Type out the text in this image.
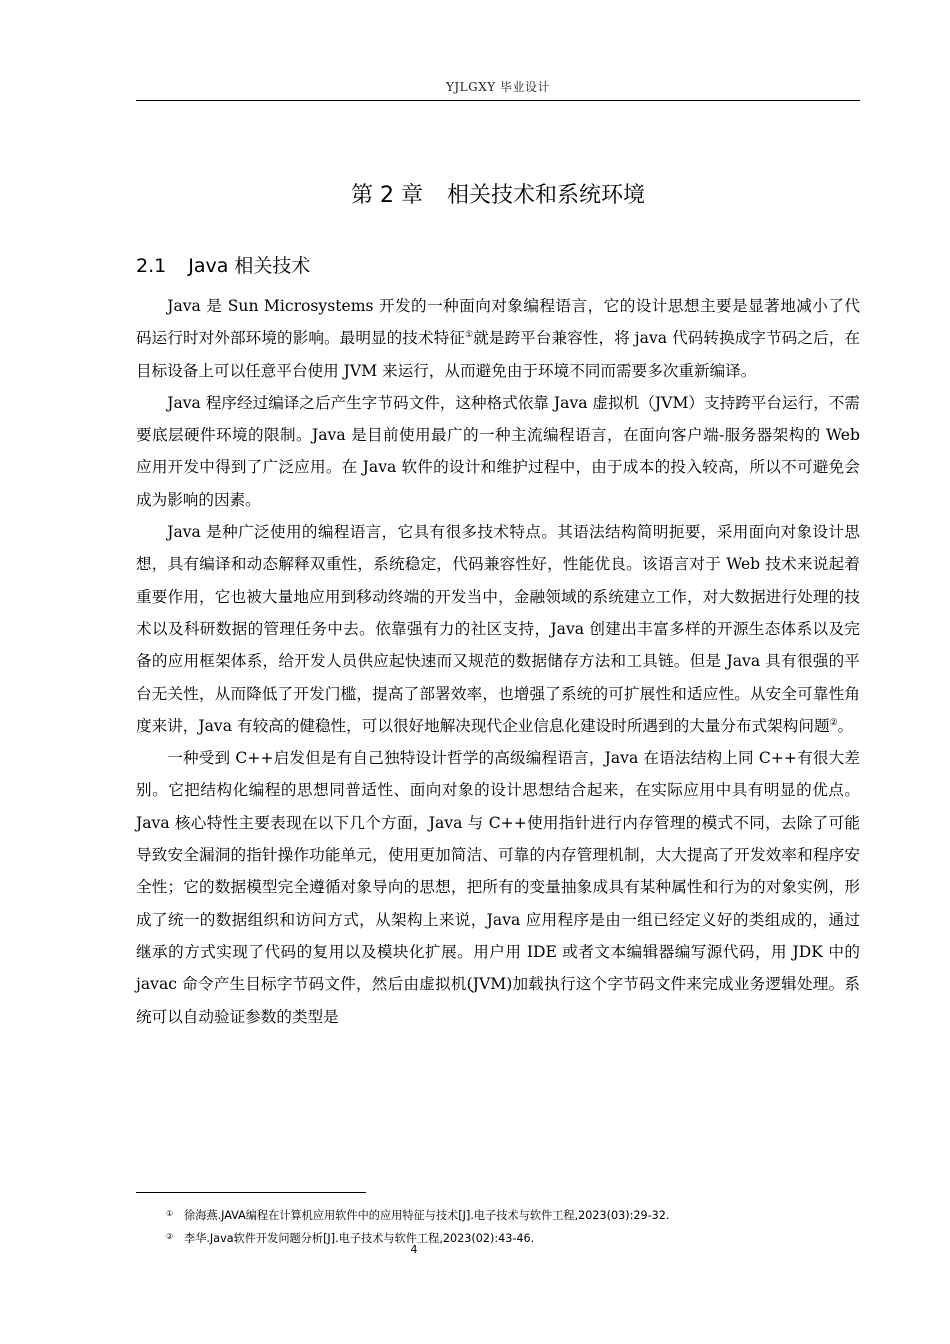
YJLGXY 毕业设计
第 2 章 相关技术和系统环境
2.1 Java 相关技术

Java 是 Sun Microsystems 开发的一种面向对象编程语言，它的设计思想主要是显著地减小了代码运行时对外部环境的影响。最明显的技术特征①就是跨平台兼容性，将 java 代码转换成字节码之后，在目标设备上可以任意平台使用 JVM 来运行，从而避免由于环境不同而需要多次重新编译。

Java 程序经过编译之后产生字节码文件，这种格式依靠 Java 虚拟机（JVM）支持跨平台运行，不需要底层硬件环境的限制。Java 是目前使用最广的一种主流编程语言，在面向客户端-服务器架构的 Web 应用开发中得到了广泛应用。在 Java 软件的设计和维护过程中，由于成本的投入较高，所以不可避免会成为影响的因素。

Java 是种广泛使用的编程语言，它具有很多技术特点。其语法结构简明扼要，采用面向对象设计思想，具有编译和动态解释双重性，系统稳定，代码兼容性好，性能优良。该语言对于 Web 技术来说起着重要作用，它也被大量地应用到移动终端的开发当中，金融领域的系统建立工作，对大数据进行处理的技术以及科研数据的管理任务中去。依靠强有力的社区支持，Java 创建出丰富多样的开源生态体系以及完备的应用框架体系，给开发人员供应起快速而又规范的数据储存方法和工具链。但是 Java 具有很强的平台无关性，从而降低了开发门槛，提高了部署效率，也增强了系统的可扩展性和适应性。从安全可靠性角度来讲，Java 有较高的健稳性，可以很好地解决现代企业信息化建设时所遇到的大量分布式架构问题②。

一种受到 C++启发但是有自己独特设计哲学的高级编程语言，Java 在语法结构上同 C++有很大差别。它把结构化编程的思想同普适性、面向对象的设计思想结合起来，在实际应用中具有明显的优点。Java 核心特性主要表现在以下几个方面，Java 与 C++使用指针进行内存管理的模式不同，去除了可能导致安全漏洞的指针操作功能单元，使用更加简洁、可靠的内存管理机制，大大提高了开发效率和程序安全性；它的数据模型完全遵循对象导向的思想，把所有的变量抽象成具有某种属性和行为的对象实例，形成了统一的数据组织和访问方式，从架构上来说，Java 应用程序是由一组已经定义好的类组成的，通过继承的方式实现了代码的复用以及模块化扩展。用户用 IDE 或者文本编辑器编写源代码，用 JDK 中的 javac 命令产生目标字节码文件，然后由虚拟机(JVM)加载执行这个字节码文件来完成业务逻辑处理。系统可以自动验证参数的类型是

① 徐海燕.JAVA编程在计算机应用软件中的应用特征与技术[J].电子技术与软件工程,2023(03):29-32.
② 李华.Java软件开发问题分析[J].电子技术与软件工程,2023(02):43-46.
4
